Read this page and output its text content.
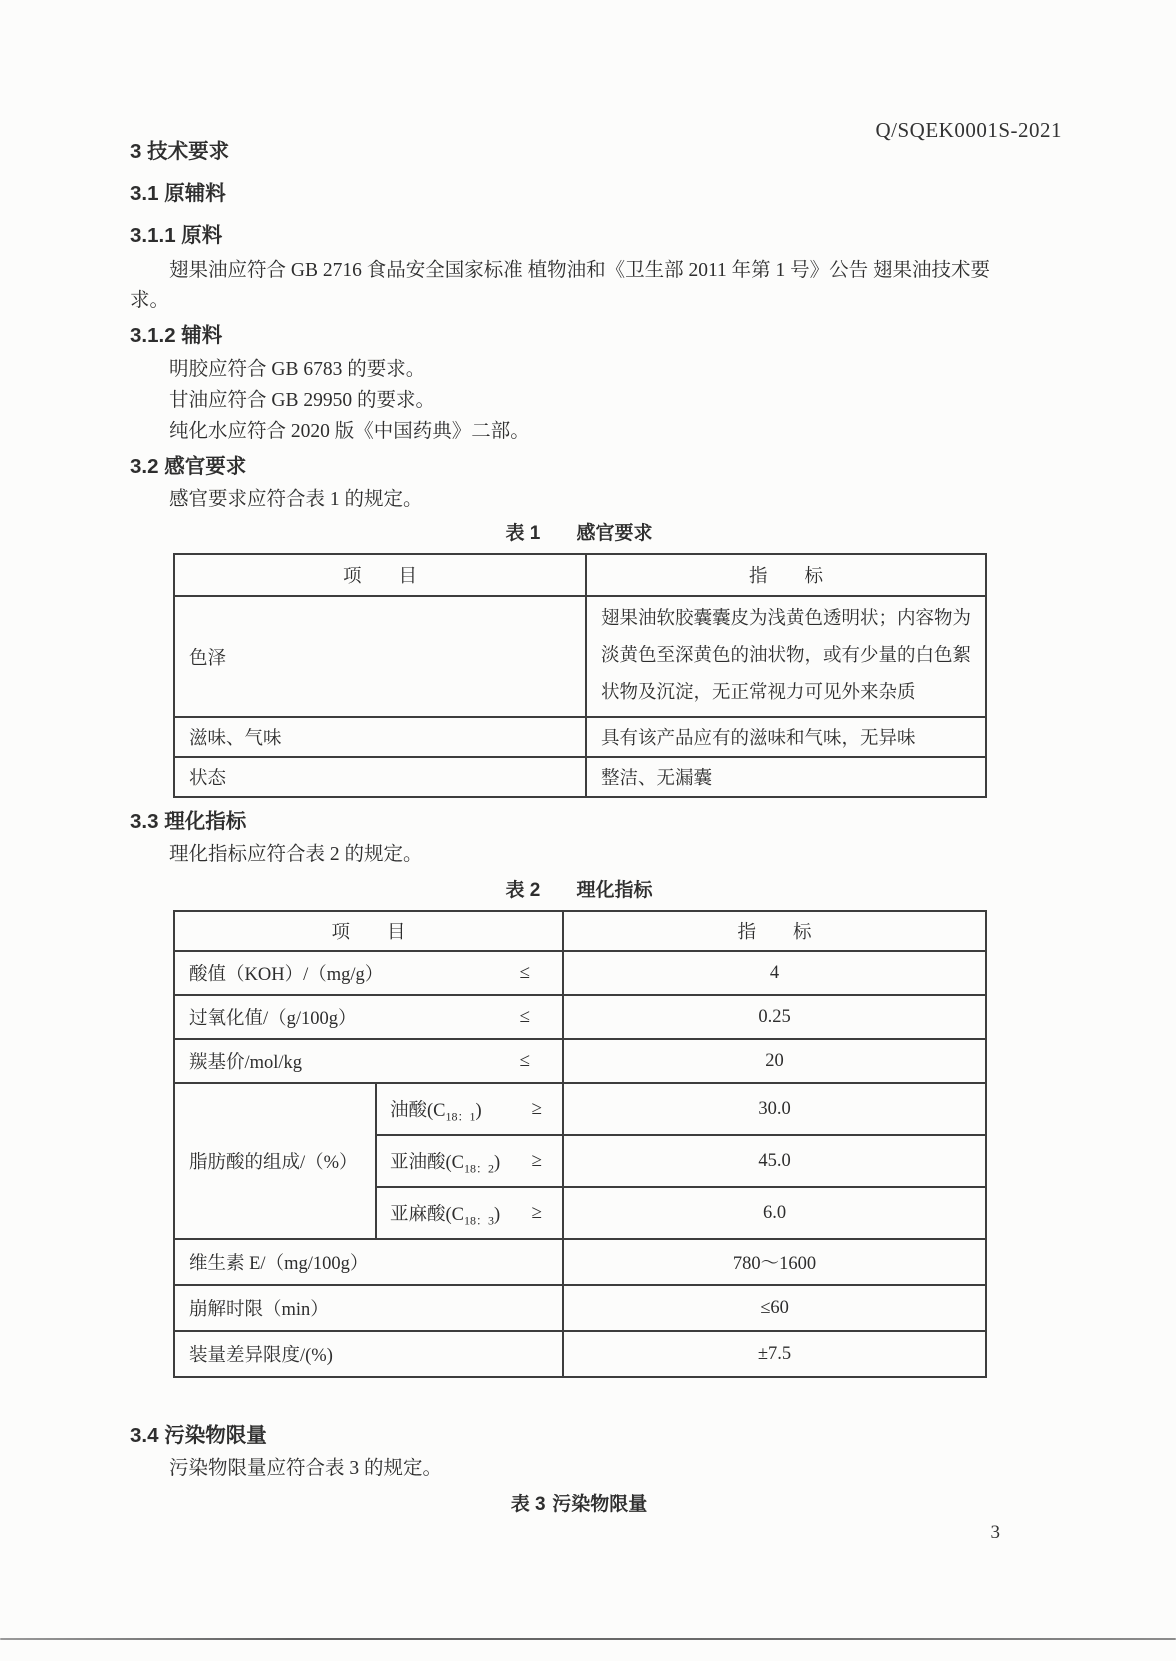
Q/SQEK0001S-2021

3 技术要求

3.1 原辅料

3.1.1 原料

翅果油应符合 GB 2716 食品安全国家标准 植物油和《卫生部 2011 年第 1 号》公告 翅果油技术要求。

3.1.2 辅料

明胶应符合 GB 6783 的要求。
甘油应符合 GB 29950 的要求。
纯化水应符合 2020 版《中国药典》二部。

3.2 感官要求

感官要求应符合表 1 的规定。

表 1 感官要求
项　　目	指　　标
色泽	翅果油软胶囊囊皮为浅黄色透明状；内容物为淡黄色至深黄色的油状物，或有少量的白色絮状物及沉淀，无正常视力可见外来杂质
滋味、气味	具有该产品应有的滋味和气味，无异味
状态	整洁、无漏囊

3.3 理化指标

理化指标应符合表 2 的规定。

表 2 理化指标
项　　目		指　　标

酸值（KOH）/（mg/g） ≤		4

过氧化值/（g/100g） ≤		0.25

羰基价/mol/kg ≤		20
脂肪酸的组成/（%）	油酸$(C_{18:1})$ ≥	30.0

	亚油酸$(C_{18:2})$ ≥	45.0

	亚麻酸$(C_{18:3})$ ≥	6.0
维生素 E/（mg/100g）		780～1600
崩解时限（min）		≤60
装量差异限度/(%)		±7.5

3.4 污染物限量

污染物限量应符合表 3 的规定。

表 3 污染物限量
3
